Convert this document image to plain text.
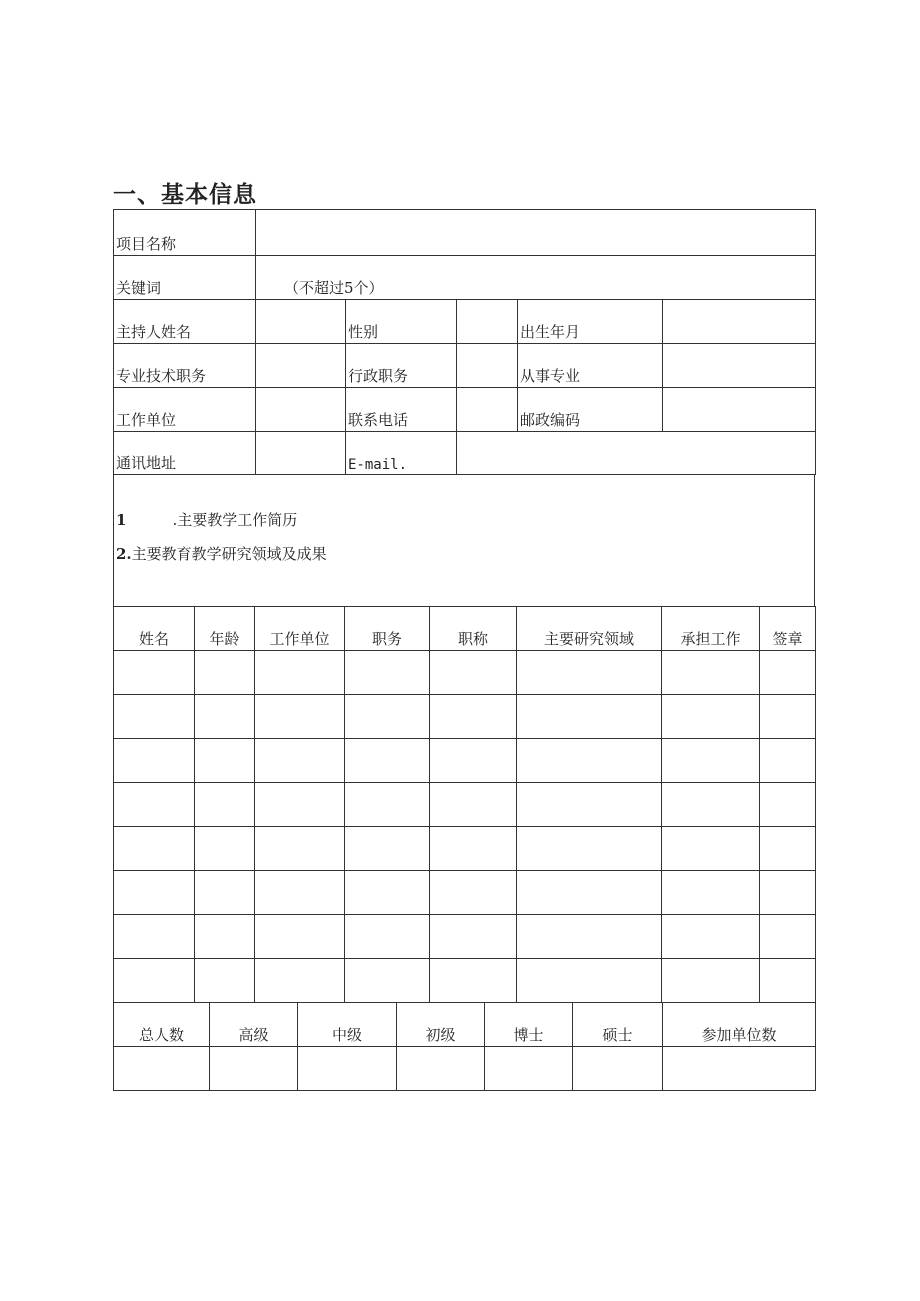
一、基本信息
项目名称					
关键词	（不超过5个）				
主持人姓名		性别		出生年月	
专业技术职务		行政职务		从事专业	
工作单位		联系电话		邮政编码	
通讯地址		E-mail.			
1	.主要教学工作简历
2.主要教育教学研究领域及成果
姓名	年龄	工作单位	职务	职称	主要研究领域	承担工作	签章

总人数	高级	中级	初级	博士	硕士	参加单位数
